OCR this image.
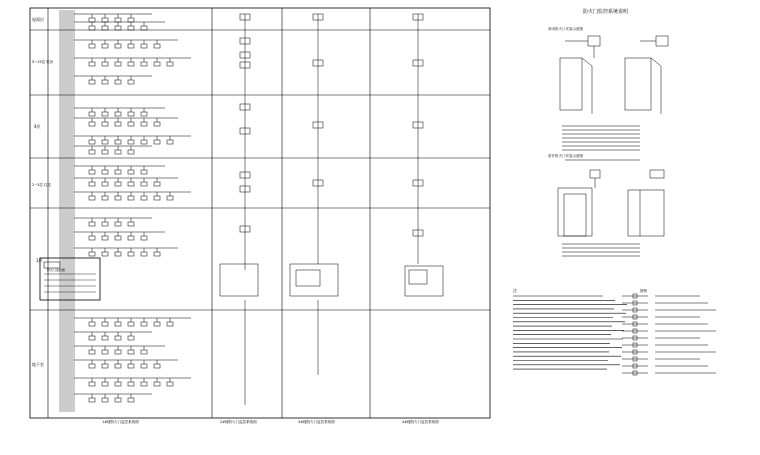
防火门监控系统说明
常闭防火门安装示意图
常开防火门安装示意图
注：	图例
屋面层
5~15层 机房
4层
2~3层 住宅
1层
地下室
防火门监控器
1#楼防火门监控系统图	2#楼防火门监控系统图	3#楼防火门监控系统图	4#楼防火门监控系统图
